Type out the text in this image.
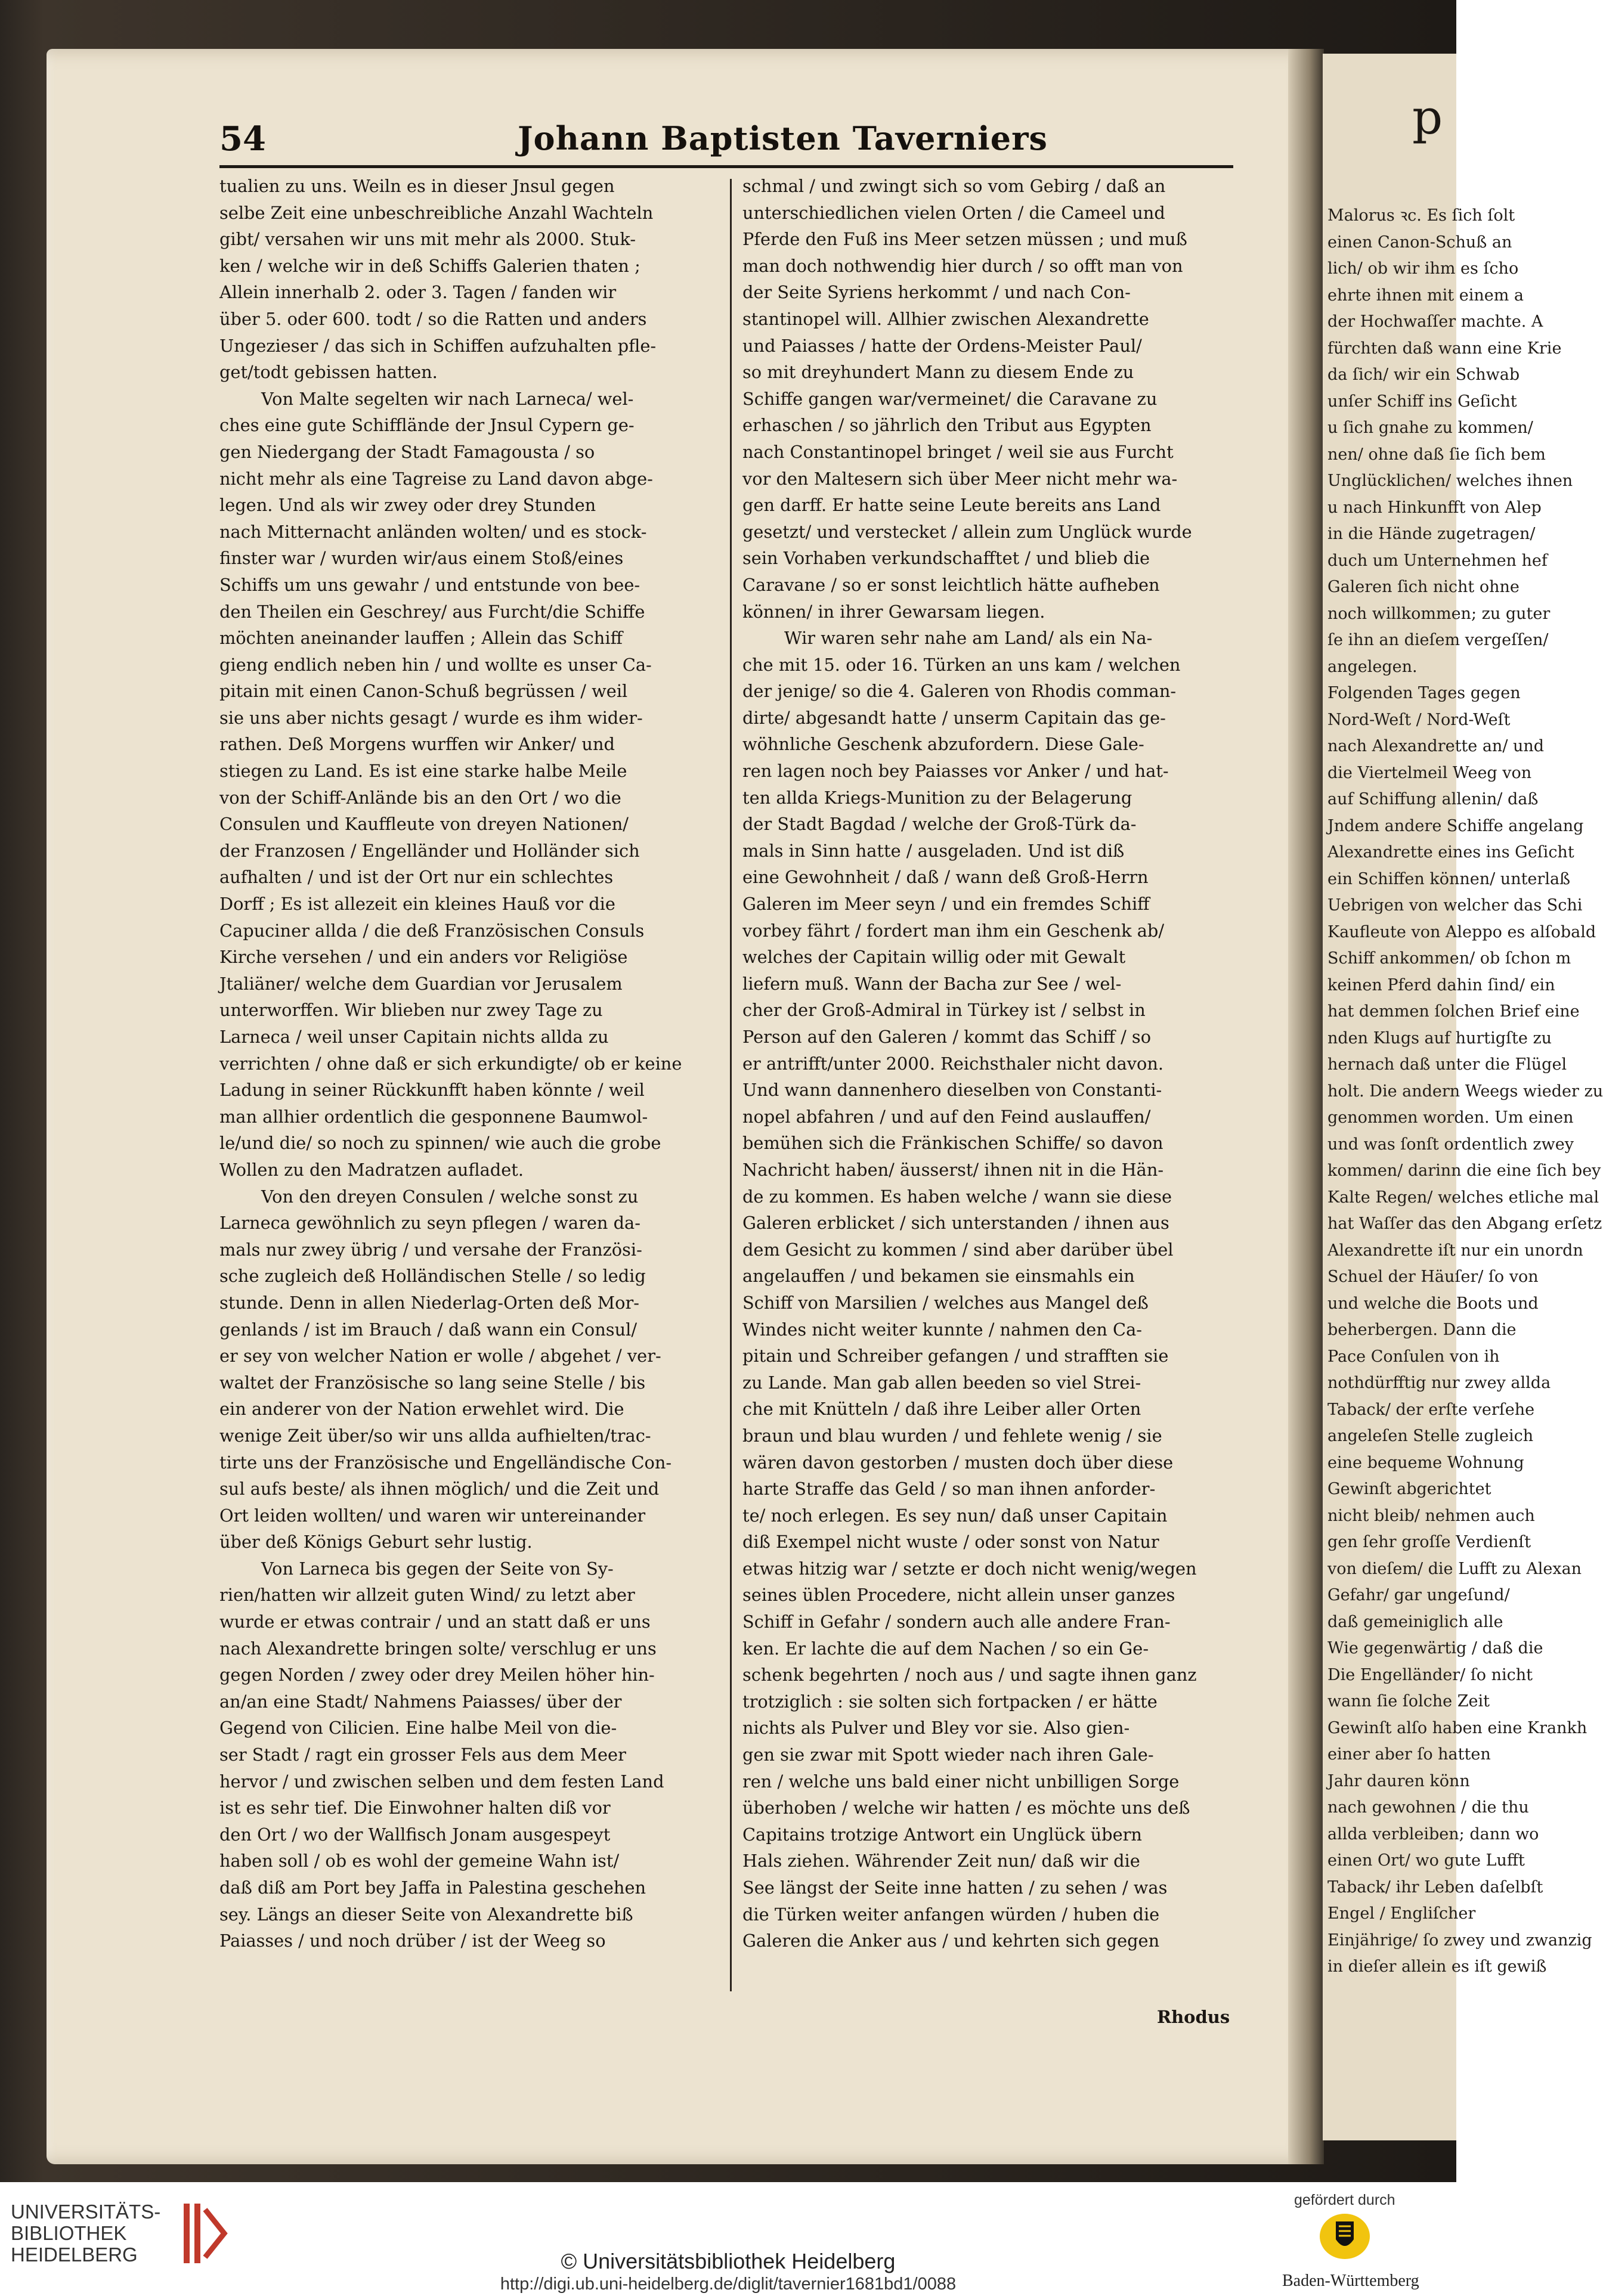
p
Malorus ꝛc. Es ſich ſolt
einen Canon-Schuß an
lich/ ob wir ihm es ſcho
ehrte ihnen mit einem a
der Hochwaſſer machte. A
fürchten daß wann eine Krie
da ſich/ wir ein Schwab
unſer Schiff ins Geſicht
u ſich gnahe zu kommen/
nen/ ohne daß ſie ſich bem
Unglücklichen/ welches ihnen
u nach Hinkunfft von Alep
in die Hände zugetragen/
duch um Unternehmen hef
Galeren ſich nicht ohne
noch willkommen; zu guter
ſe ihn an dieſem vergeſſen/
angelegen.
Folgenden Tages gegen
Nord-Weſt / Nord-Weſt
nach Alexandrette an/ und
die Viertelmeil Weeg von
auf Schiffung allenin/ daß
Jndem andere Schiffe angelang
Alexandrette eines ins Geſicht
ein Schiffen können/ unterlaß
Uebrigen von welcher das Schi
Kaufleute von Aleppo es alſobald
Schiff ankommen/ ob ſchon m
keinen Pferd dahin ſind/ ein
hat demmen ſolchen Brief eine
nden Klugs auf hurtigſte zu
hernach daß unter die Flügel
holt. Die andern Weegs wieder zu
genommen worden. Um einen
und was ſonſt ordentlich zwey
kommen/ darinn die eine ſich bey
Kalte Regen/ welches etliche mal
hat Waſſer das den Abgang erſetz
Alexandrette iſt nur ein unordn
Schuel der Häuſer/ ſo von
und welche die Boots und
beherbergen. Dann die
Pace Conſulen von ih
nothdürfftig nur zwey allda
Taback/ der erſte verſehe
angeleſen Stelle zugleich
eine bequeme Wohnung
Gewinſt abgerichtet
nicht bleib/ nehmen auch
gen ſehr groſſe Verdienſt
von dieſem/ die Lufft zu Alexan
Gefahr/ gar ungeſund/
daß gemeiniglich alle
Wie gegenwärtig / daß die
Die Engelländer/ ſo nicht
wann ſie ſolche Zeit
Gewinſt alſo haben eine Krankh
einer aber ſo hatten
Jahr dauren könn
nach gewohnen / die thu
allda verbleiben; dann wo
einen Ort/ wo gute Lufft
Taback/ ihr Leben daſelbſt
Engel / Engliſcher
Einjährige/ ſo zwey und zwanzig
in dieſer allein es iſt gewiß
54	Johann Baptisten Taverniers
tualien zu uns. Weiln es in dieser Jnsul gegen
selbe Zeit eine unbeschreibliche Anzahl Wachteln
gibt/ versahen wir uns mit mehr als 2000. Stuk-
ken / welche wir in deß Schiffs Galerien thaten ;
Allein innerhalb 2. oder 3. Tagen / fanden wir
über 5. oder 600. todt / so die Ratten und anders
Ungezieser / das sich in Schiffen aufzuhalten pfle-
get/todt gebissen hatten.
Von Malte segelten wir nach Larneca/ wel-
ches eine gute Schiffländе der Jnsul Cypern ge-
gen Niedergang der Stadt Famagousta / so
nicht mehr als eine Tagreise zu Land davon abge-
legen. Und als wir zwey oder drey Stunden
nach Mitternacht anländen wolten/ und es stock-
finster war / wurden wir/aus einem Stoß/eines
Schiffs um uns gewahr / und entstunde von bee-
den Theilen ein Geschrey/ aus Furcht/die Schiffe
möchten aneinander lauffen ; Allein das Schiff
gieng endlich neben hin / und wollte es unser Ca-
pitain mit einen Canon-Schuß begrüssen / weil
sie uns aber nichts gesagt / wurde es ihm wider-
rathen. Deß Morgens wurffen wir Anker/ und
stiegen zu Land. Es ist eine starke halbe Meile
von der Schiff-Anländе bis an den Ort / wo die
Consulen und Kauffleute von dreyen Nationen/
der Franzosen / Engelländer und Holländer sich
aufhalten / und ist der Ort nur ein schlechtes
Dorff ; Es ist allezeit ein kleines Hauß vor die
Capuciner allda / die deß Französischen Consuls
Kirche versehen / und ein anders vor Religiöse
Jtaliäner/ welche dem Guardian vor Jerusalem
unterworffen. Wir blieben nur zwey Tage zu
Larneca / weil unser Capitain nichts allda zu
verrichten / ohne daß er sich erkundigte/ ob er keine
Ladung in seiner Rückkunfft haben könnte / weil
man allhier ordentlich die gesponnene Baumwol-
le/und die/ so noch zu spinnen/ wie auch die grobe
Wollen zu den Madratzen aufladet.
Von den dreyen Consulen / welche sonst zu
Larneca gewöhnlich zu seyn pflegen / waren da-
mals nur zwey übrig / und versahe der Französi-
sche zugleich deß Holländischen Stelle / so ledig
stunde. Denn in allen Niederlag-Orten deß Mor-
genlands / ist im Brauch / daß wann ein Consul/
er sey von welcher Nation er wolle / abgehet / ver-
waltet der Französische so lang seine Stelle / bis
ein anderer von der Nation erwehlet wird. Die
wenige Zeit über/so wir uns allda aufhielten/trac-
tirte uns der Französische und Engelländische Con-
sul aufs beste/ als ihnen möglich/ und die Zeit und
Ort leiden wollten/ und waren wir untereinander
über deß Königs Geburt sehr lustig.
Von Larneca bis gegen der Seite von Sy-
rien/hatten wir allzeit guten Wind/ zu letzt aber
wurde er etwas contrair / und an statt daß er uns
nach Alexandrette bringen solte/ verschlug er uns
gegen Norden / zwey oder drey Meilen höher hin-
an/an eine Stadt/ Nahmens Paiasses/ über der
Gegend von Cilicien. Eine halbe Meil von die-
ser Stadt / ragt ein grosser Fels aus dem Meer
hervor / und zwischen selben und dem festen Land
ist es sehr tief. Die Einwohner halten diß vor
den Ort / wo der Wallfisch Jonam ausgespeyt
haben soll / ob es wohl der gemeine Wahn ist/
daß diß am Port bey Jaffa in Palestina geschehen
sey. Längs an dieser Seite von Alexandrette biß
Paiasses / und noch drüber / ist der Weeg so
schmal / und zwingt sich so vom Gebirg / daß an
unterschiedlichen vielen Orten / die Cameel und
Pferde den Fuß ins Meer setzen müssen ; und muß
man doch nothwendig hier durch / so offt man von
der Seite Syriens herkommt / und nach Con-
stantinopel will. Allhier zwischen Alexandrette
und Paiasses / hatte der Ordens-Meister Paul/
so mit dreyhundert Mann zu diesem Ende zu
Schiffe gangen war/vermeinet/ die Caravane zu
erhaschen / so jährlich den Tribut aus Egypten
nach Constantinopel bringet / weil sie aus Furcht
vor den Maltesern sich über Meer nicht mehr wa-
gen darff. Er hatte seine Leute bereits ans Land
gesetzt/ und verstecket / allein zum Unglück wurde
sein Vorhaben verkundschafftet / und blieb die
Caravane / so er sonst leichtlich hätte aufheben
können/ in ihrer Gewarsam liegen.
Wir waren sehr nahe am Land/ als ein Na-
che mit 15. oder 16. Türken an uns kam / welchen
der jenige/ so die 4. Galeren von Rhodis comman-
dirte/ abgesandt hatte / unserm Capitain das ge-
wöhnliche Geschenk abzufordern. Diese Gale-
ren lagen noch bey Paiasses vor Anker / und hat-
ten allda Kriegs-Munition zu der Belagerung
der Stadt Bagdad / welche der Groß-Türk da-
mals in Sinn hatte / ausgeladen. Und ist diß
eine Gewohnheit / daß / wann deß Groß-Herrn
Galeren im Meer seyn / und ein fremdes Schiff
vorbey fährt / fordert man ihm ein Geschenk ab/
welches der Capitain willig oder mit Gewalt
liefern muß. Wann der Bacha zur See / wel-
cher der Groß-Admiral in Türkey ist / selbst in
Person auf den Galeren / kommt das Schiff / so
er antrifft/unter 2000. Reichsthaler nicht davon.
Und wann dannenhero dieselben von Constanti-
nopel abfahren / und auf den Feind auslauffen/
bemühen sich die Fränkischen Schiffe/ so davon
Nachricht haben/ äusserst/ ihnen nit in die Hän-
de zu kommen. Es haben welche / wann sie diese
Galeren erblicket / sich unterstanden / ihnen aus
dem Gesicht zu kommen / sind aber darüber übel
angelauffen / und bekamen sie einsmahls ein
Schiff von Marsilien / welches aus Mangel deß
Windes nicht weiter kunnte / nahmen den Ca-
pitain und Schreiber gefangen / und strafften sie
zu Lande. Man gab allen beeden so viel Strei-
che mit Knütteln / daß ihre Leiber aller Orten
braun und blau wurden / und fehlete wenig / sie
wären davon gestorben / musten doch über diese
harte Straffe das Geld / so man ihnen anforder-
te/ noch erlegen. Es sey nun/ daß unser Capitain
diß Exempel nicht wuste / oder sonst von Natur
etwas hitzig war / setzte er doch nicht wenig/wegen
seines üblen Procedere, nicht allein unser ganzes
Schiff in Gefahr / sondern auch alle andere Fran-
ken. Er lachte die auf dem Nachen / so ein Ge-
schenk begehrten / noch aus / und sagte ihnen ganz
trotziglich : sie solten sich fortpacken / er hätte
nichts als Pulver und Bley vor sie. Also gien-
gen sie zwar mit Spott wieder nach ihren Gale-
ren / welche uns bald einer nicht unbilligen Sorge
überhoben / welche wir hatten / es möchte uns deß
Capitains trotzige Antwort ein Unglück übern
Hals ziehen. Währender Zeit nun/ daß wir die
See längst der Seite inne hatten / zu sehen / was
die Türken weiter anfangen würden / huben die
Galeren die Anker aus / und kehrten sich gegen
Rhodus
UNIVERSITÄTS-
BIBLIOTHEK
HEIDELBERG	© Universitätsbibliothek Heidelberg
http://digi.ub.uni-heidelberg.de/diglit/tavernier1681bd1/0088
gefördert durch
Baden-Württemberg
